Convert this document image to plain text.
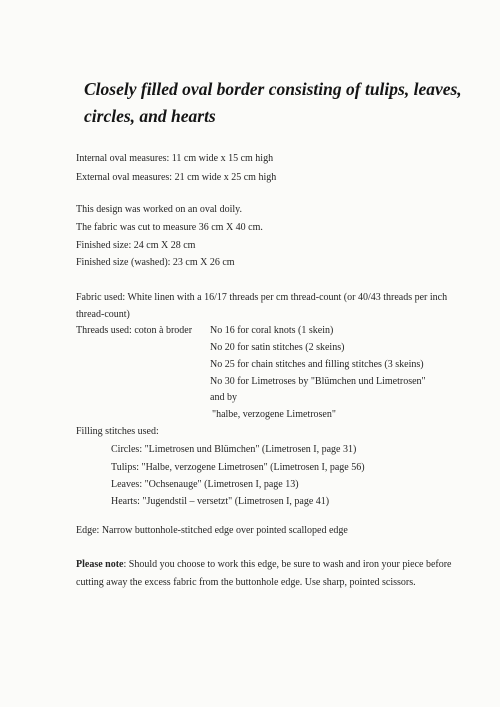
Closely filled oval border consisting of tulips, leaves, circles, and hearts
Internal oval measures: 11 cm wide x 15 cm high
External oval measures: 21 cm wide x 25 cm high
This design was worked on an oval doily.
The fabric was cut to measure 36 cm X 40 cm.
Finished size: 24 cm X 28 cm
Finished size (washed): 23 cm X 26 cm
Fabric used: White linen with a 16/17 threads per cm thread-count (or 40/43 threads per inch
thread-count)
Threads used: coton à broder No 16 for coral knots (1 skein)
No 20 for satin stitches (2 skeins)
No 25 for chain stitches and filling stitches (3 skeins)
No 30 for Limetroses by "Blümchen und Limetrosen"
and by
"halbe, verzogene Limetrosen"
Filling stitches used:
Circles: "Limetrosen und Blümchen" (Limetrosen I, page 31)
Tulips: "Halbe, verzogene Limetrosen" (Limetrosen I, page 56)
Leaves: "Ochsenauge" (Limetrosen I, page 13)
Hearts: "Jugendstil – versetzt" (Limetrosen I, page 41)
Edge: Narrow buttonhole-stitched edge over pointed scalloped edge
Please note: Should you choose to work this edge, be sure to wash and iron your piece before
cutting away the excess fabric from the buttonhole edge. Use sharp, pointed scissors.
